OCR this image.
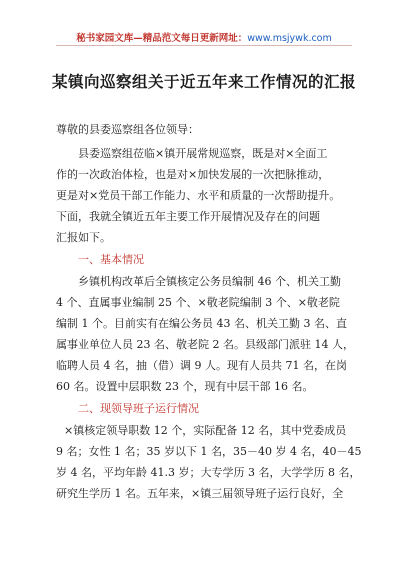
秘书家园文库—精品范文每日更新网址：www.msjywk.com
某镇向巡察组关于近五年来工作情况的汇报
尊敬的县委巡察组各位领导：
县委巡察组莅临×镇开展常规巡察，既是对×全面工
作的一次政治体检，也是对×加快发展的一次把脉推动，
更是对×党员干部工作能力、水平和质量的一次帮助提升。
下面，我就全镇近五年主要工作开展情况及存在的问题
汇报如下。
一、基本情况
乡镇机构改革后全镇核定公务员编制 46 个、机关工勤
4 个、直属事业编制 25 个、×敬老院编制 3 个、×敬老院
编制 1 个。目前实有在编公务员 43 名、机关工勤 3 名、直
属事业单位人员 23 名、敬老院 2 名。县级部门派驻 14 人，
临聘人员 4 名，抽（借）调 9 人。现有人员共 71 名，在岗
60 名。设置中层职数 23 个，现有中层干部 16 名。
二、现领导班子运行情况
×镇核定领导职数 12 个，实际配备 12 名，其中党委成员
9 名；女性 1 名；35 岁以下 1 名，35－40 岁 4 名，40－45
岁 4 名，平均年龄 41.3 岁；大专学历 3 名，大学学历 8 名，
研究生学历 1 名。五年来，×镇三届领导班子运行良好，全
